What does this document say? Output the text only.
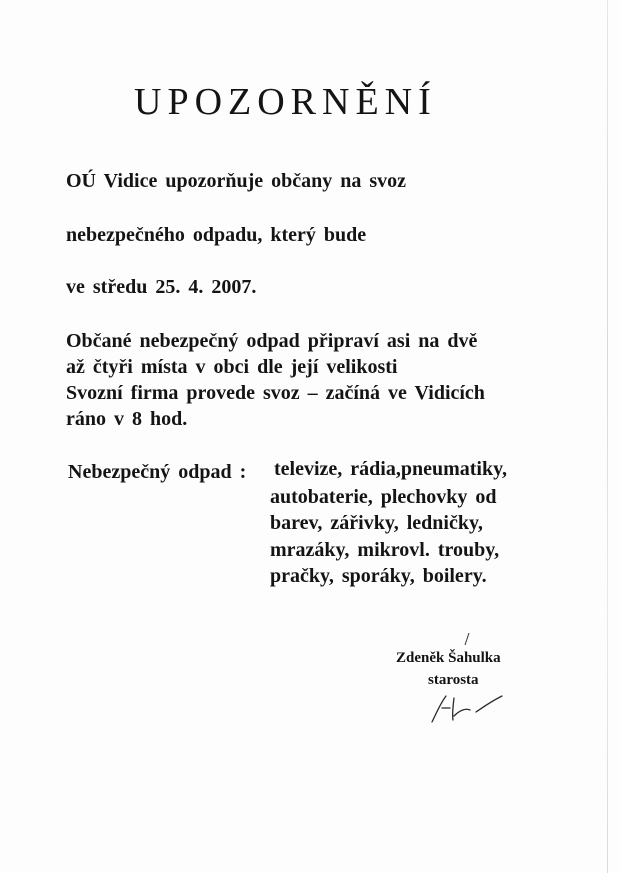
UPOZORNĚNÍ
OÚ Vidice upozorňuje občany na svoz
nebezpečného odpadu, který bude
ve středu 25. 4. 2007.
Občané nebezpečný odpad připraví asi na dvě
až čtyři místa v obci dle její velikosti
Svozní firma provede svoz – začíná ve Vidicích
ráno v 8 hod.
Nebezpečný odpad : televize, rádia,pneumatiky,
autobaterie, plechovky od
barev, zářivky, ledničky,
mrazáky, mikrovl. trouby,
pračky, sporáky, boilery.
Zdeněk Šahulka
starosta
